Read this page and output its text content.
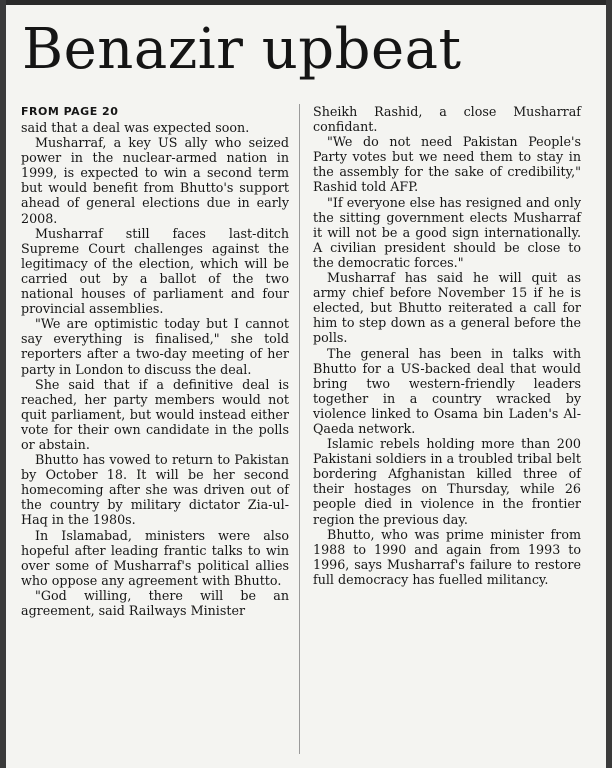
Benazir upbeat

FROM PAGE 20

said that a deal was expected soon.

Musharraf, a key US ally who seized power in the nuclear-armed nation in 1999, is expected to win a second term but would benefit from Bhutto's support ahead of general elections due in early 2008.

Musharraf still faces last-ditch Supreme Court challenges against the legitimacy of the election, which will be carried out by a ballot of the two national houses of parliament and four provincial assemblies.

"We are optimistic today but I cannot say everything is finalised," she told reporters after a two-day meeting of her party in London to discuss the deal.

She said that if a definitive deal is reached, her party members would not quit parliament, but would instead either vote for their own candidate in the polls or abstain.

Bhutto has vowed to return to Pakistan by October 18. It will be her second homecoming after she was driven out of the country by military dictator Zia-ul-Haq in the 1980s.

In Islamabad, ministers were also hopeful after leading frantic talks to win over some of Musharraf's political allies who oppose any agreement with Bhutto.

"God willing, there will be an agreement, said Railways Minister

Sheikh Rashid, a close Musharraf confidant.

"We do not need Pakistan People's Party votes but we need them to stay in the assembly for the sake of credibility," Rashid told AFP.

"If everyone else has resigned and only the sitting government elects Musharraf it will not be a good sign internationally. A civilian president should be close to the democratic forces."

Musharraf has said he will quit as army chief before November 15 if he is elected, but Bhutto reiterated a call for him to step down as a general before the polls.

The general has been in talks with Bhutto for a US-backed deal that would bring two western-friendly leaders together in a country wracked by violence linked to Osama bin Laden's Al-Qaeda network.

Islamic rebels holding more than 200 Pakistani soldiers in a troubled tribal belt bordering Afghanistan killed three of their hostages on Thursday, while 26 people died in violence in the frontier region the previous day.

Bhutto, who was prime minister from 1988 to 1990 and again from 1993 to 1996, says Musharraf's failure to restore full democracy has fuelled militancy.
